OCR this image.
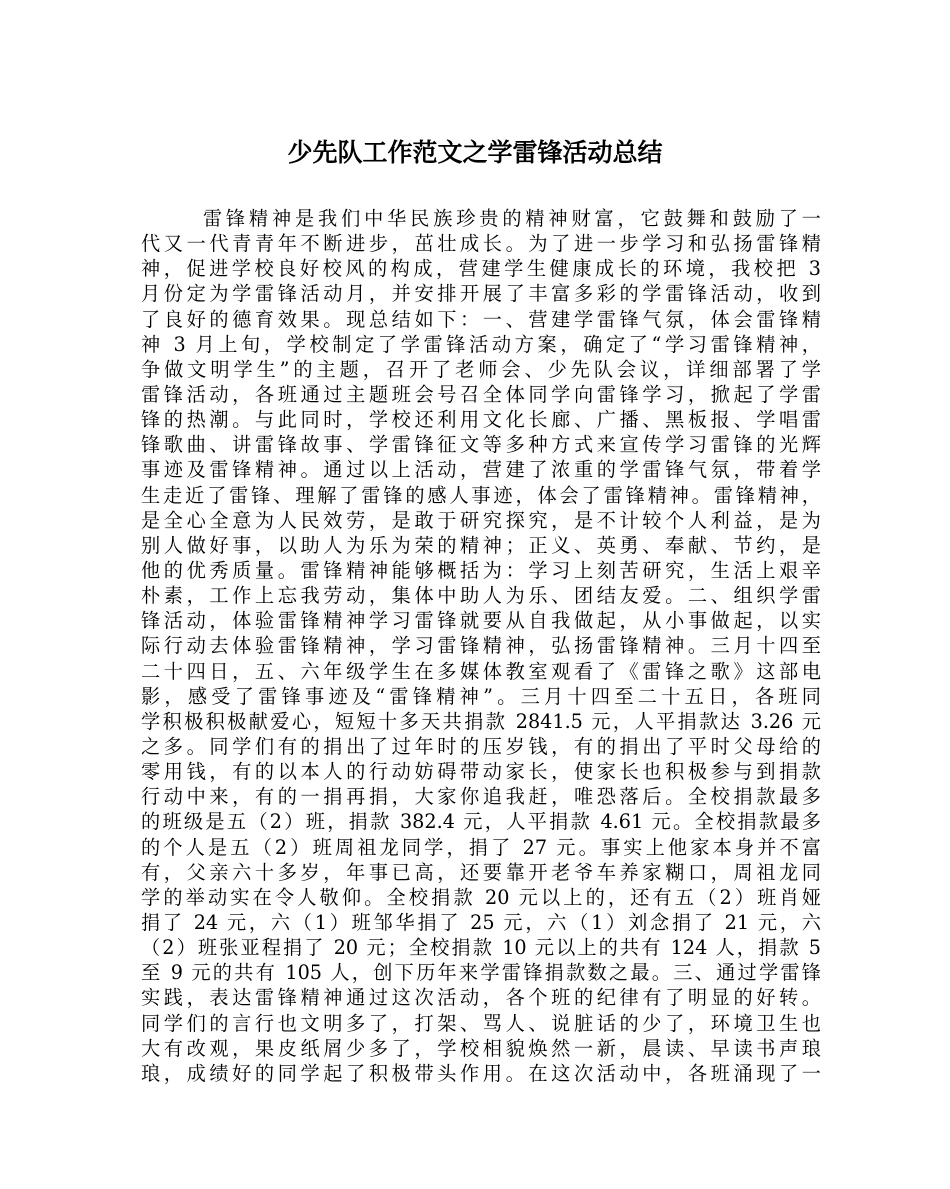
少先队工作范文之学雷锋活动总结
雷锋精神是我们中华民族珍贵的精神财富，它鼓舞和鼓励了一
代又一代青青年不断进步，茁壮成长。为了进一步学习和弘扬雷锋精
神，促进学校良好校风的构成，营建学生健康成长的环境，我校把 3
月份定为学雷锋活动月，并安排开展了丰富多彩的学雷锋活动，收到
了良好的德育效果。现总结如下：一、营建学雷锋气氛，体会雷锋精
神 3 月上旬，学校制定了学雷锋活动方案，确定了“学习雷锋精神，
争做文明学生”的主题，召开了老师会、少先队会议，详细部署了学
雷锋活动，各班通过主题班会号召全体同学向雷锋学习，掀起了学雷
锋的热潮。与此同时，学校还利用文化长廊、广播、黑板报、学唱雷
锋歌曲、讲雷锋故事、学雷锋征文等多种方式来宣传学习雷锋的光辉
事迹及雷锋精神。通过以上活动，营建了浓重的学雷锋气氛，带着学
生走近了雷锋、理解了雷锋的感人事迹，体会了雷锋精神。雷锋精神，
是全心全意为人民效劳，是敢于研究探究，是不计较个人利益，是为
别人做好事，以助人为乐为荣的精神；正义、英勇、奉献、节约，是
他的优秀质量。雷锋精神能够概括为：学习上刻苦研究，生活上艰辛
朴素，工作上忘我劳动，集体中助人为乐、团结友爱。二、组织学雷
锋活动，体验雷锋精神学习雷锋就要从自我做起，从小事做起，以实
际行动去体验雷锋精神，学习雷锋精神，弘扬雷锋精神。三月十四至
二十四日，五、六年级学生在多媒体教室观看了《雷锋之歌》这部电
影，感受了雷锋事迹及“雷锋精神”。三月十四至二十五日，各班同
学积极积极献爱心，短短十多天共捐款 2841.5 元，人平捐款达 3.26 元
之多。同学们有的捐出了过年时的压岁钱，有的捐出了平时父母给的
零用钱，有的以本人的行动妨碍带动家长，使家长也积极参与到捐款
行动中来，有的一捐再捐，大家你追我赶，唯恐落后。全校捐款最多
的班级是五（2）班，捐款 382.4 元，人平捐款 4.61 元。全校捐款最多
的个人是五（2）班周祖龙同学，捐了 27 元。事实上他家本身并不富
有，父亲六十多岁，年事已高，还要靠开老爷车养家糊口，周祖龙同
学的举动实在令人敬仰。全校捐款 20 元以上的，还有五（2）班肖娅
捐了 24 元，六（1）班邹华捐了 25 元，六（1）刘念捐了 21 元，六
（2）班张亚程捐了 20 元；全校捐款 10 元以上的共有 124 人，捐款 5
至 9 元的共有 105 人，创下历年来学雷锋捐款数之最。三、通过学雷锋
实践，表达雷锋精神通过这次活动，各个班的纪律有了明显的好转。
同学们的言行也文明多了，打架、骂人、说脏话的少了，环境卫生也
大有改观，果皮纸屑少多了，学校相貌焕然一新，晨读、早读书声琅
琅，成绩好的同学起了积极带头作用。在这次活动中，各班涌现了一
